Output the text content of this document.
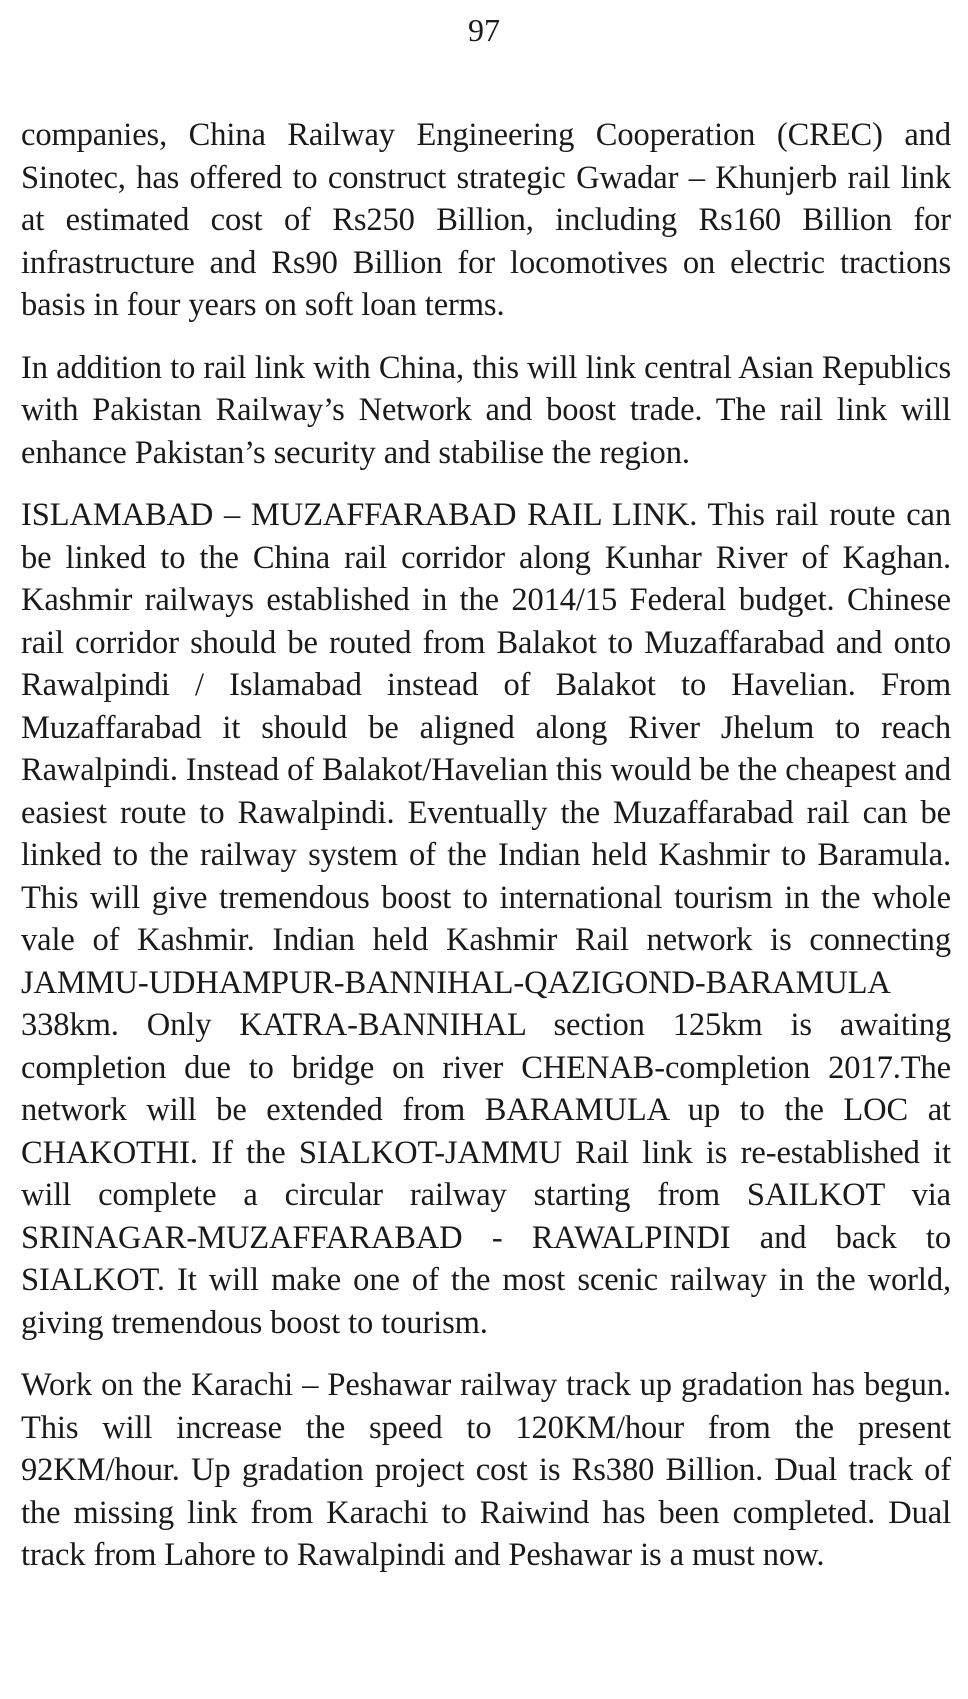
97

companies, China Railway Engineering Cooperation (CREC) and Sinotec, has offered to construct strategic Gwadar – Khunjerb rail link at estimated cost of Rs250 Billion, including Rs160 Billion for infrastructure and Rs90 Billion for locomotives on electric tractions basis in four years on soft loan terms.

In addition to rail link with China, this will link central Asian Republics with Pakistan Railway’s Network and boost trade. The rail link will enhance Pakistan’s security and stabilise the region.

ISLAMABAD – MUZAFFARABAD RAIL LINK. This rail route can be linked to the China rail corridor along Kunhar River of Kaghan. Kashmir railways established in the 2014/15 Federal budget. Chinese rail corridor should be routed from Balakot to Muzaffarabad and onto Rawalpindi / Islamabad instead of Balakot to Havelian. From Muzaffarabad it should be aligned along River Jhelum to reach Rawalpindi. Instead of Balakot/Havelian this would be the cheapest and easiest route to Rawalpindi. Eventually the Muzaffarabad rail can be linked to the railway system of the Indian held Kashmir to Baramula. This will give tremendous boost to international tourism in the whole vale of Kashmir. Indian held Kashmir Rail network is connecting JAMMU-UDHAMPUR-BANNIHAL-QAZIGOND-BARAMULA 338km. Only KATRA-BANNIHAL section 125km is awaiting completion due to bridge on river CHENAB-completion 2017.The network will be extended from BARAMULA up to the LOC at CHAKOTHI. If the SIALKOT-JAMMU Rail link is re-established it will complete a circular railway starting from SAILKOT via SRINAGAR-MUZAFFARABAD - RAWALPINDI and back to SIALKOT. It will make one of the most scenic railway in the world, giving tremendous boost to tourism.

Work on the Karachi – Peshawar railway track up gradation has begun. This will increase the speed to 120KM/hour from the present 92KM/hour. Up gradation project cost is Rs380 Billion. Dual track of the missing link from Karachi to Raiwind has been completed. Dual track from Lahore to Rawalpindi and Peshawar is a must now.
